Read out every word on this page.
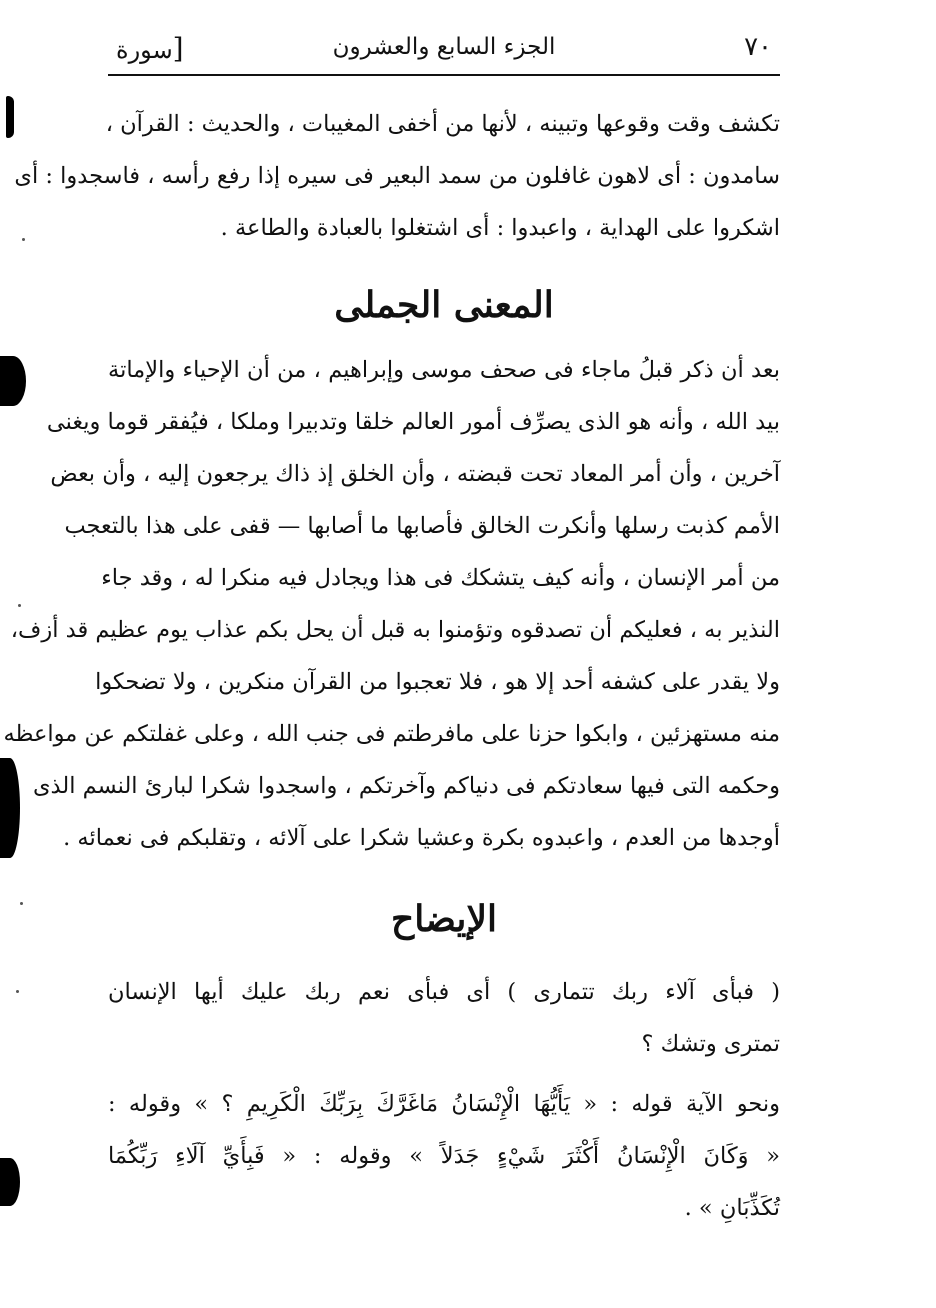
٧٠
الجزء السابع والعشرون
[سورة
تكشف وقت وقوعها وتبينه ، لأنها من أخفى المغيبات ، والحديث : القرآن ،
سامدون : أى لاهون غافلون من سمد البعير فى سيره إذا رفع رأسه ، فاسجدوا : أى
اشكروا على الهداية ، واعبدوا : أى اشتغلوا بالعبادة والطاعة .
المعنى الجملى
بعد أن ذكر قبلُ ماجاء فى صحف موسى وإبراهيم ، من أن الإحياء والإماتة
بيد الله ، وأنه هو الذى يصرِّف أمور العالم خلقا وتدبيرا وملكا ، فيُفقر قوما ويغنى
آخرين ، وأن أمر المعاد تحت قبضته ، وأن الخلق إذ ذاك يرجعون إليه ، وأن بعض
الأمم كذبت رسلها وأنكرت الخالق فأصابها ما أصابها — قفى على هذا بالتعجب
من أمر الإنسان ، وأنه كيف يتشكك فى هذا ويجادل فيه منكرا له ، وقد جاء
النذير به ، فعليكم أن تصدقوه وتؤمنوا به قبل أن يحل بكم عذاب يوم عظيم قد أزف،
ولا يقدر على كشفه أحد إلا هو ، فلا تعجبوا من القرآن منكرين ، ولا تضحكوا
منه مستهزئين ، وابكوا حزنا على مافرطتم فى جنب الله ، وعلى غفلتكم عن مواعظه
وحكمه التى فيها سعادتكم فى دنياكم وآخرتكم ، واسجدوا شكرا لبارئ النسم الذى
أوجدها من العدم ، واعبدوه بكرة وعشيا شكرا على آلائه ، وتقلبكم فى نعمائه .
الإيضاح
( فبأى آلاء ربك تتمارى ) أى فبأى نعم ربك عليك أيها الإنسان
تمترى وتشك ؟
ونحو الآية قوله : « يَأَيُّهَا الْإِنْسَانُ مَاغَرَّكَ بِرَبِّكَ الْكَرِيمِ ؟ » وقوله :
« وَكَانَ الْإِنْسَانُ أَكْثَرَ شَيْءٍ جَدَلاً » وقوله : « فَبِأَيِّ آلَاءِ رَبِّكُمَا
تُكَذِّبَانِ » .
